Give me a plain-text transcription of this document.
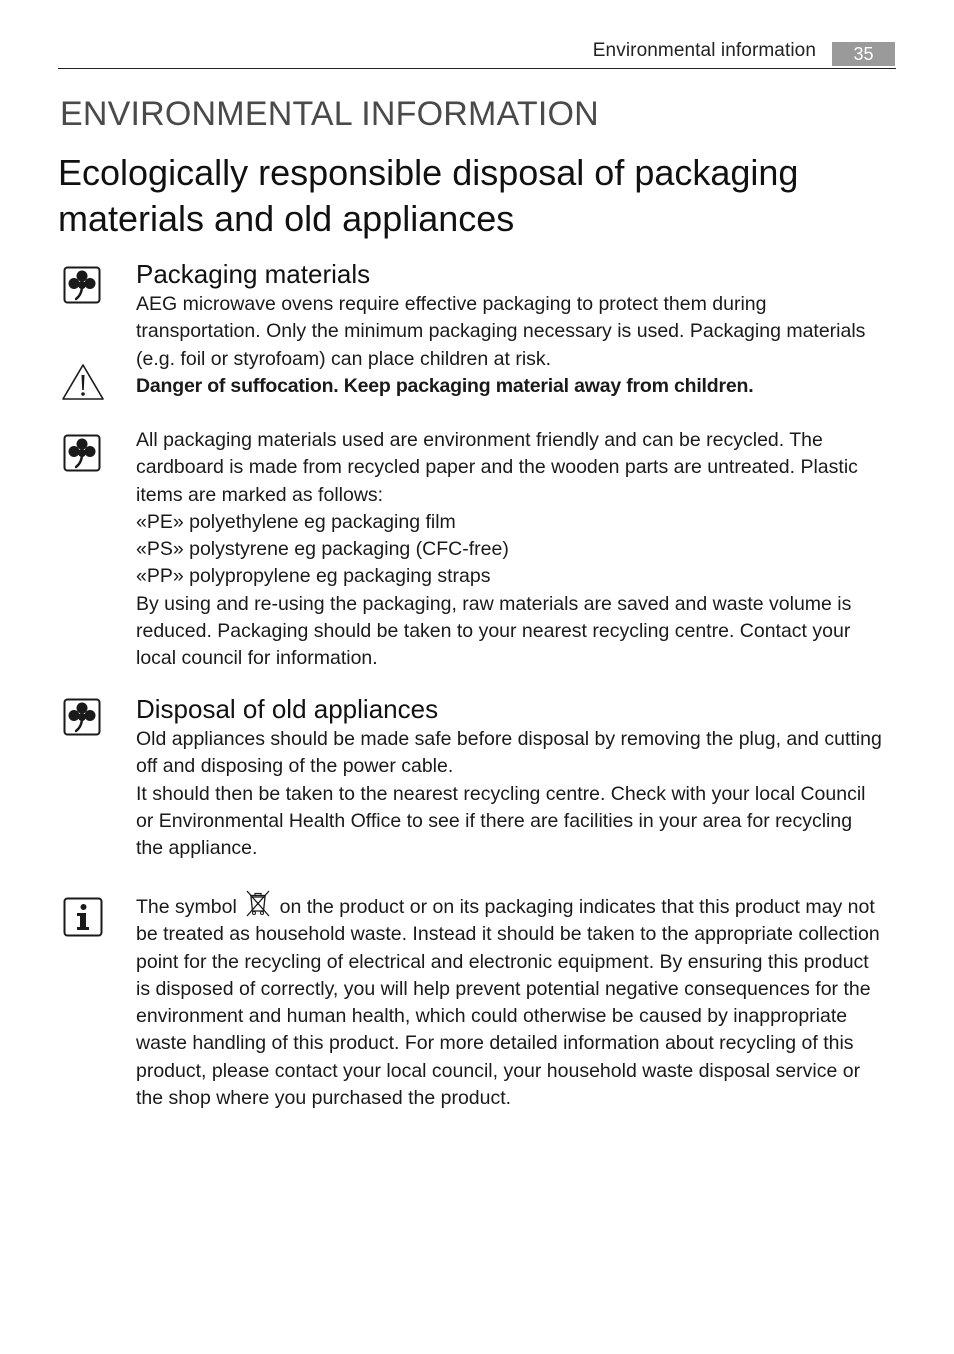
Environmental information	35
ENVIRONMENTAL INFORMATION
Ecologically responsible disposal of packaging
materials and old appliances
Packaging materials
AEG microwave ovens require effective packaging to protect them during
transportation. Only the minimum packaging necessary is used. Packaging materials
(e.g. foil or styrofoam) can place children at risk.
Danger of suffocation. Keep packaging material away from children.
All packaging materials used are environment friendly and can be recycled. The
cardboard is made from recycled paper and the wooden parts are untreated. Plastic
items are marked as follows:
«PE» polyethylene eg packaging film
«PS» polystyrene eg packaging (CFC-free)
«PP» polypropylene eg packaging straps
By using and re-using the packaging, raw materials are saved and waste volume is
reduced. Packaging should be taken to your nearest recycling centre. Contact your
local council for information.
Disposal of old appliances
Old appliances should be made safe before disposal by removing the plug, and cutting
off and disposing of the power cable.
It should then be taken to the nearest recycling centre. Check with your local Council
or Environmental Health Office to see if there are facilities in your area for recycling
the appliance.
The symbol on the product or on its packaging indicates that this product may not
be treated as household waste. Instead it should be taken to the appropriate collection
point for the recycling of electrical and electronic equipment. By ensuring this product
is disposed of correctly, you will help prevent potential negative consequences for the
environment and human health, which could otherwise be caused by inappropriate
waste handling of this product. For more detailed information about recycling of this
product, please contact your local council, your household waste disposal service or
the shop where you purchased the product.
